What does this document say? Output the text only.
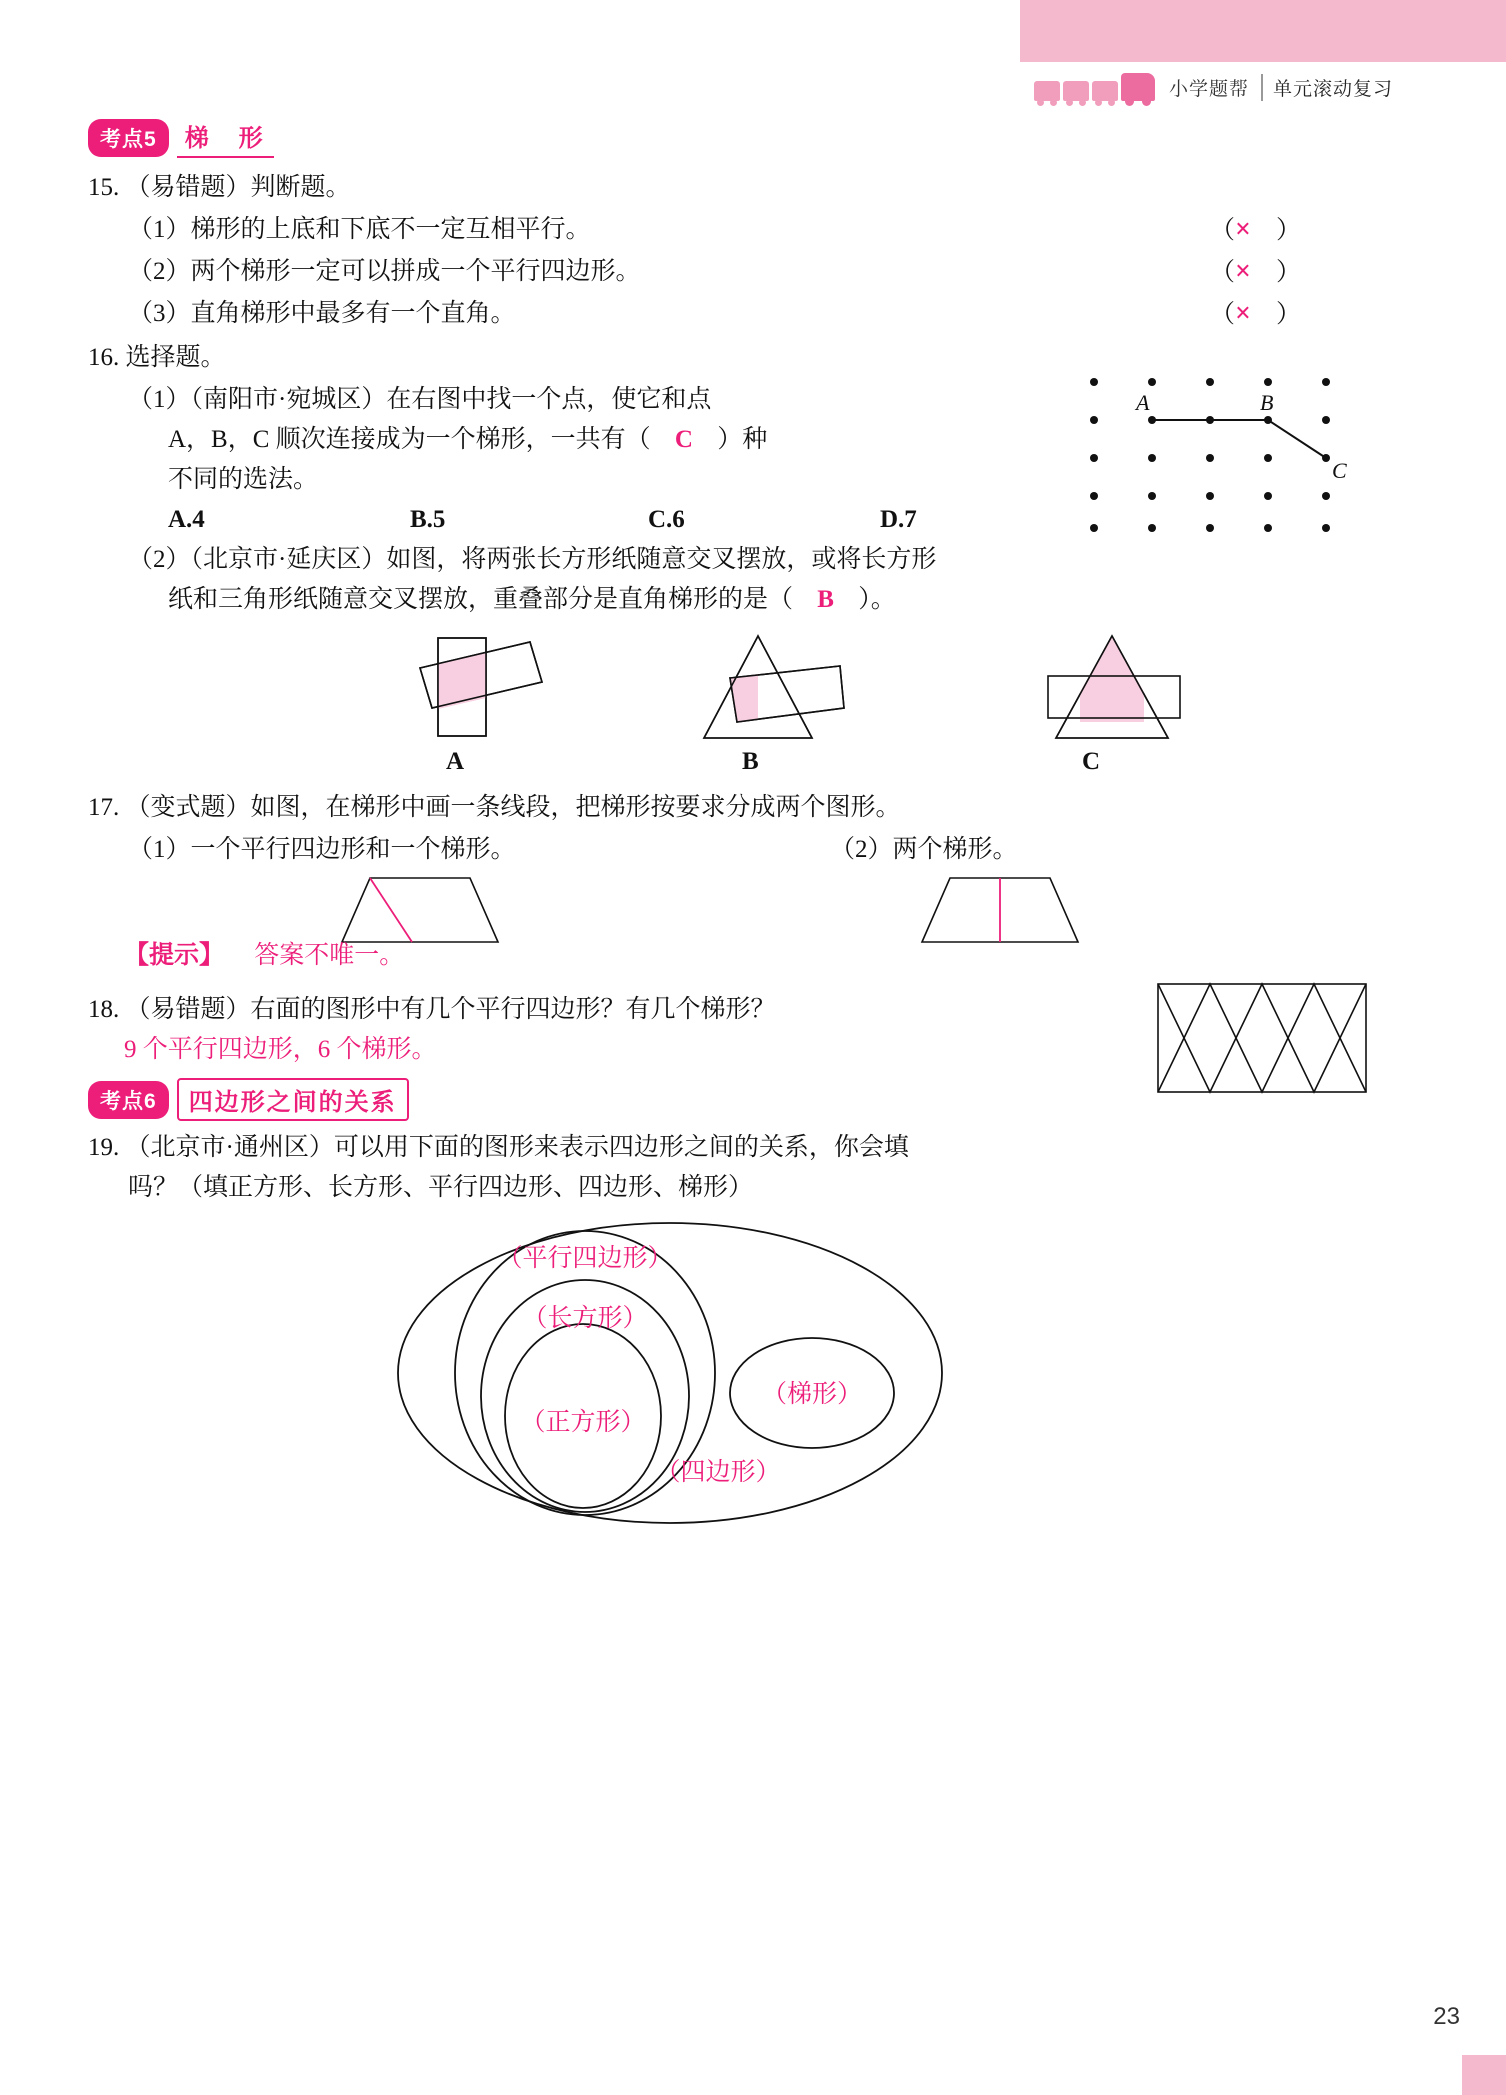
小学题帮	单元滚动复习
考点5	梯　形
15. （易错题）判断题。
（1）梯形的上底和下底不一定互相平行。	（×　）
（2）两个梯形一定可以拼成一个平行四边形。	（×　）
（3）直角梯形中最多有一个直角。	（×　）
16. 选择题。
（1）（南阳市·宛城区）在右图中找一个点，使它和点
A，B，C 顺次连接成为一个梯形，一共有（ C ）种
不同的选法。
A.4	B.5	C.6	D.7
A	B
C
（2）（北京市·延庆区）如图，将两张长方形纸随意交叉摆放，或将长方形
纸和三角形纸随意交叉摆放，重叠部分是直角梯形的是（ B ）。
A	B	C
17. （变式题）如图，在梯形中画一条线段，把梯形按要求分成两个图形。
（1）一个平行四边形和一个梯形。	（2）两个梯形。
【提示】 答案不唯一。
18. （易错题）右面的图形中有几个平行四边形？有几个梯形？
9 个平行四边形，6 个梯形。
考点6	四边形之间的关系
19. （北京市·通州区）可以用下面的图形来表示四边形之间的关系，你会填
吗？（填正方形、长方形、平行四边形、四边形、梯形）
（平行四边形）
（长方形）
（正方形）
（梯形）
（四边形）
23
